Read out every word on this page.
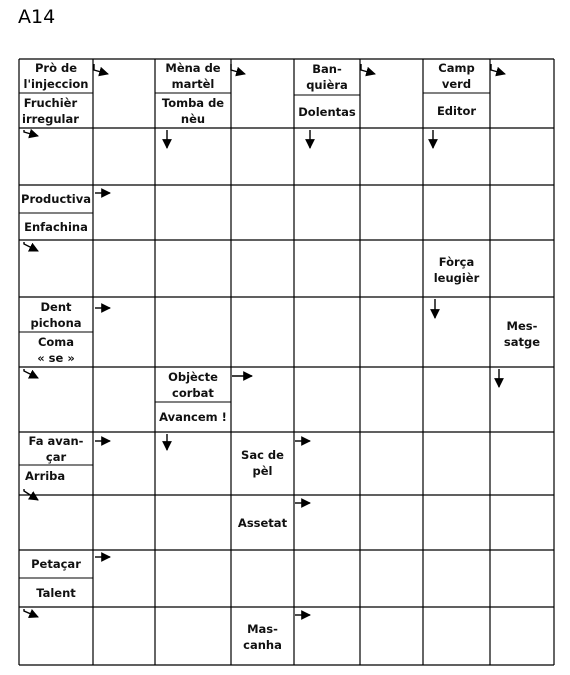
A14
Prò de
l'injeccion
Fruchièr
irregular
Mèna de
martèl
Tomba de
nèu
Ban-
quièra
Dolentas
Camp
verd
Editor
Productiva
Enfachina
Fòrça
leugièr
Dent
pichona
Coma
« se »
Mes-
satge
Objècte
corbat
Avancem !
Fa avan-
çar
Arriba
Sac de
pèl
Assetat
Petaçar
Talent
Mas-
canha
